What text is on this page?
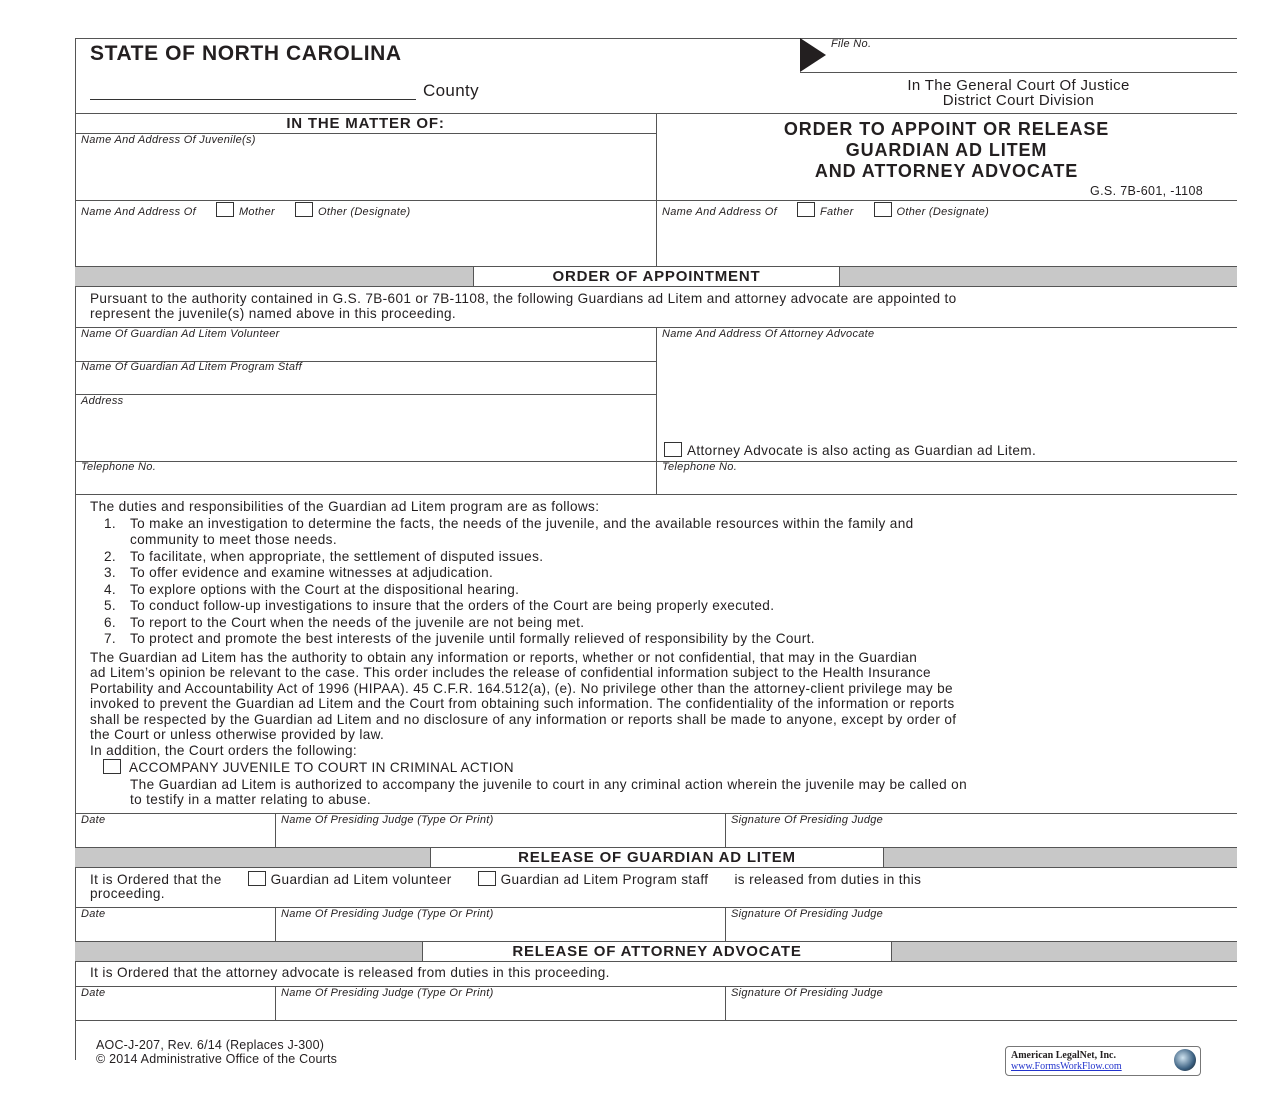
STATE OF NORTH CAROLINA
County
File No.
In The General Court Of Justice
District Court Division
IN THE MATTER OF:
Name And Address Of Juvenile(s)
ORDER TO APPOINT OR RELEASE
GUARDIAN AD LITEM
AND ATTORNEY ADVOCATE
G.S. 7B-601, -1108
Name And Address Of	Mother	Other (Designate)	Name And Address Of	Father	Other (Designate)
ORDER OF APPOINTMENT
Pursuant to the authority contained in G.S. 7B-601 or 7B-1108, the following Guardians ad Litem and attorney advocate are appointed to
represent the juvenile(s) named above in this proceeding.
Name Of Guardian Ad Litem Volunteer
Name Of Guardian Ad Litem Program Staff
Address
Telephone No.
Name And Address Of Attorney Advocate
Attorney Advocate is also acting as Guardian ad Litem.
Telephone No.
The duties and responsibilities of the Guardian ad Litem program are as follows:
1. To make an investigation to determine the facts, the needs of the juvenile, and the available resources within the family and
community to meet those needs.
2. To facilitate, when appropriate, the settlement of disputed issues.
3. To offer evidence and examine witnesses at adjudication.
4. To explore options with the Court at the dispositional hearing.
5. To conduct follow-up investigations to insure that the orders of the Court are being properly executed.
6. To report to the Court when the needs of the juvenile are not being met.
7. To protect and promote the best interests of the juvenile until formally relieved of responsibility by the Court.
The Guardian ad Litem has the authority to obtain any information or reports, whether or not confidential, that may in the Guardian
ad Litem’s opinion be relevant to the case. This order includes the release of confidential information subject to the Health Insurance
Portability and Accountability Act of 1996 (HIPAA). 45 C.F.R. 164.512(a), (e). No privilege other than the attorney-client privilege may be
invoked to prevent the Guardian ad Litem and the Court from obtaining such information. The confidentiality of the information or reports
shall be respected by the Guardian ad Litem and no disclosure of any information or reports shall be made to anyone, except by order of
the Court or unless otherwise provided by law.
In addition, the Court orders the following:
ACCOMPANY JUVENILE TO COURT IN CRIMINAL ACTION
The Guardian ad Litem is authorized to accompany the juvenile to court in any criminal action wherein the juvenile may be called on
to testify in a matter relating to abuse.
Date	Name Of Presiding Judge (Type Or Print)	Signature Of Presiding Judge
RELEASE OF GUARDIAN AD LITEM
It is Ordered that the	Guardian ad Litem volunteer	Guardian ad Litem Program staff is released from duties in this
proceeding.
Date	Name Of Presiding Judge (Type Or Print)	Signature Of Presiding Judge
RELEASE OF ATTORNEY ADVOCATE
It is Ordered that the attorney advocate is released from duties in this proceeding.
Date	Name Of Presiding Judge (Type Or Print)	Signature Of Presiding Judge
AOC-J-207, Rev. 6/14 (Replaces J-300)
© 2014 Administrative Office of the Courts	American LegalNet, Inc.
www.FormsWorkFlow.com
